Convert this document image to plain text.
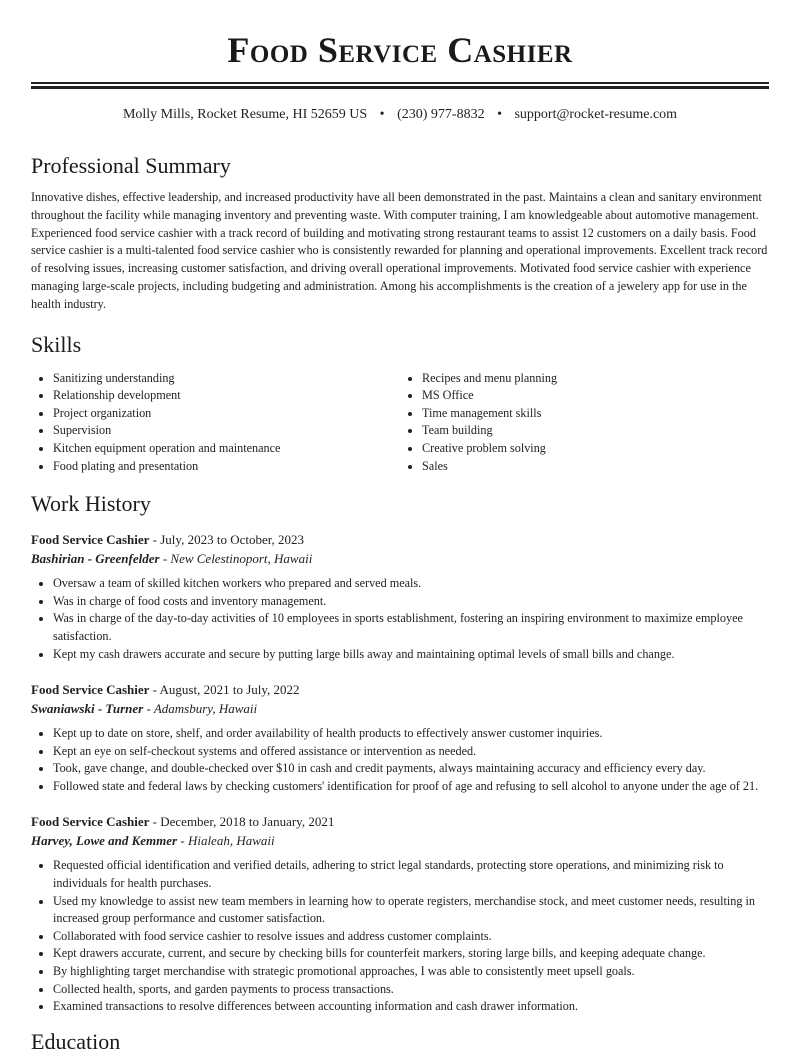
Food Service Cashier
Molly Mills, Rocket Resume, HI 52659 US • (230) 977-8832 • support@rocket-resume.com
Professional Summary

Innovative dishes, effective leadership, and increased productivity have all been demonstrated in the past. Maintains a clean and sanitary environment throughout the facility while managing inventory and preventing waste. With computer training, I am knowledgeable about automotive management. Experienced food service cashier with a track record of building and motivating strong restaurant teams to assist 12 customers on a daily basis. Food service cashier is a multi-talented food service cashier who is consistently rewarded for planning and operational improvements. Excellent track record of resolving issues, increasing customer satisfaction, and driving overall operational improvements. Motivated food service cashier with experience managing large-scale projects, including budgeting and administration. Among his accomplishments is the creation of a jewelery app for use in the health industry.

Skills
• Sanitizing understanding
• Relationship development
• Project organization
• Supervision
• Kitchen equipment operation and maintenance
• Food plating and presentation
• Recipes and menu planning
• MS Office
• Time management skills
• Team building
• Creative problem solving
• Sales
Work History
Food Service Cashier - July, 2023 to October, 2023
Bashirian - Greenfelder - New Celestinoport, Hawaii
• Oversaw a team of skilled kitchen workers who prepared and served meals.
• Was in charge of food costs and inventory management.
• Was in charge of the day-to-day activities of 10 employees in sports establishment, fostering an inspiring environment to maximize employee satisfaction.
• Kept my cash drawers accurate and secure by putting large bills away and maintaining optimal levels of small bills and change.
Food Service Cashier - August, 2021 to July, 2022
Swaniawski - Turner - Adamsbury, Hawaii
• Kept up to date on store, shelf, and order availability of health products to effectively answer customer inquiries.
• Kept an eye on self-checkout systems and offered assistance or intervention as needed.
• Took, gave change, and double-checked over $10 in cash and credit payments, always maintaining accuracy and efficiency every day.
• Followed state and federal laws by checking customers' identification for proof of age and refusing to sell alcohol to anyone under the age of 21.
Food Service Cashier - December, 2018 to January, 2021
Harvey, Lowe and Kemmer - Hialeah, Hawaii
• Requested official identification and verified details, adhering to strict legal standards, protecting store operations, and minimizing risk to individuals for health purchases.
• Used my knowledge to assist new team members in learning how to operate registers, merchandise stock, and meet customer needs, resulting in increased group performance and customer satisfaction.
• Collaborated with food service cashier to resolve issues and address customer complaints.
• Kept drawers accurate, current, and secure by checking bills for counterfeit markers, storing large bills, and keeping adequate change.
• By highlighting target merchandise with strategic promotional approaches, I was able to consistently meet upsell goals.
• Collected health, sports, and garden payments to process transactions.
• Examined transactions to resolve differences between accounting information and cash drawer information.
Education
